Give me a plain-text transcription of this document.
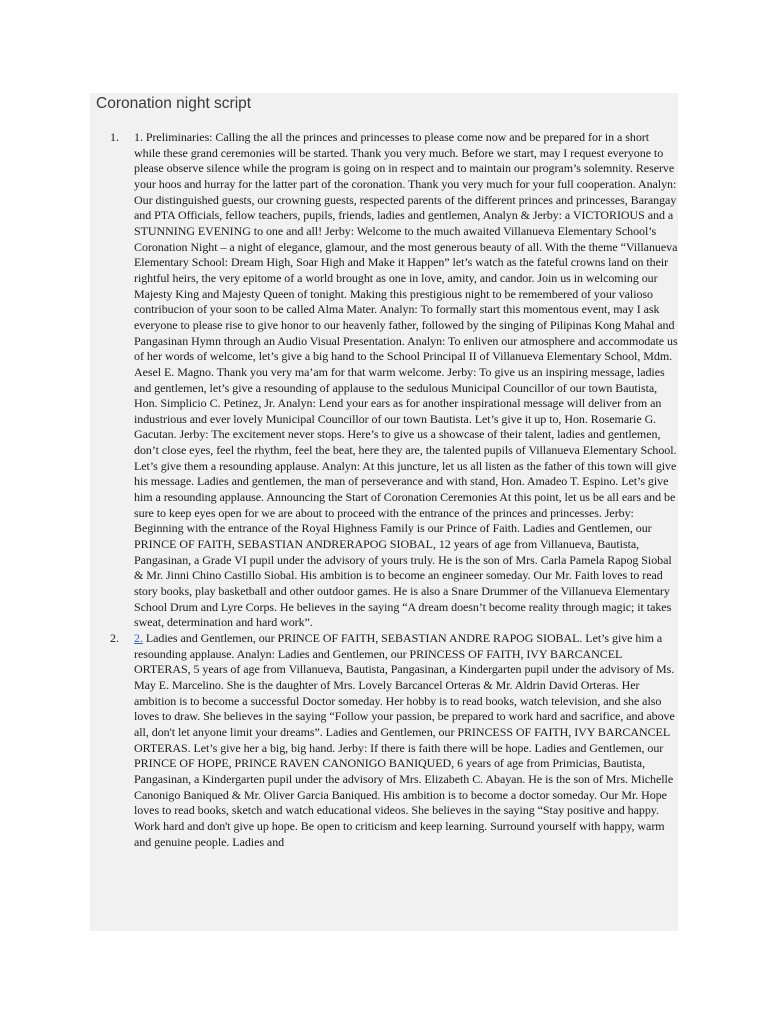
Coronation night script
1. 1. Preliminaries: Calling the all the princes and princesses to please come now and be prepared for in a short while these grand ceremonies will be started. Thank you very much. Before we start, may I request everyone to please observe silence while the program is going on in respect and to maintain our program’s solemnity. Reserve your hoos and hurray for the latter part of the coronation. Thank you very much for your full cooperation. Analyn: Our distinguished guests, our crowning guests, respected parents of the different princes and princesses, Barangay and PTA Officials, fellow teachers, pupils, friends, ladies and gentlemen, Analyn & Jerby: a VICTORIOUS and a STUNNING EVENING to one and all! Jerby: Welcome to the much awaited Villanueva Elementary School’s Coronation Night – a night of elegance, glamour, and the most generous beauty of all. With the theme “Villanueva Elementary School: Dream High, Soar High and Make it Happen” let’s watch as the fateful crowns land on their rightful heirs, the very epitome of a world brought as one in love, amity, and candor. Join us in welcoming our Majesty King and Majesty Queen of tonight. Making this prestigious night to be remembered of your valioso contribucion of your soon to be called Alma Mater. Analyn: To formally start this momentous event, may I ask everyone to please rise to give honor to our heavenly father, followed by the singing of Pilipinas Kong Mahal and Pangasinan Hymn through an Audio Visual Presentation. Analyn: To enliven our atmosphere and accommodate us of her words of welcome, let’s give a big hand to the School Principal II of Villanueva Elementary School, Mdm. Aesel E. Magno. Thank you very ma’am for that warm welcome. Jerby: To give us an inspiring message, ladies and gentlemen, let’s give a resounding of applause to the sedulous Municipal Councillor of our town Bautista, Hon. Simplicio C. Petinez, Jr. Analyn: Lend your ears as for another inspirational message will deliver from an industrious and ever lovely Municipal Councillor of our town Bautista. Let’s give it up to, Hon. Rosemarie G. Gacutan. Jerby: The excitement never stops. Here’s to give us a showcase of their talent, ladies and gentlemen, don’t close eyes, feel the rhythm, feel the beat, here they are, the talented pupils of Villanueva Elementary School. Let’s give them a resounding applause. Analyn: At this juncture, let us all listen as the father of this town will give his message. Ladies and gentlemen, the man of perseverance and with stand, Hon. Amadeo T. Espino. Let’s give him a resounding applause. Announcing the Start of Coronation Ceremonies At this point, let us be all ears and be sure to keep eyes open for we are about to proceed with the entrance of the princes and princesses. Jerby: Beginning with the entrance of the Royal Highness Family is our Prince of Faith. Ladies and Gentlemen, our PRINCE OF FAITH, SEBASTIAN ANDRERAPOG SIOBAL, 12 years of age from Villanueva, Bautista, Pangasinan, a Grade VI pupil under the advisory of yours truly. He is the son of Mrs. Carla Pamela Rapog Siobal & Mr. Jinni Chino Castillo Siobal. His ambition is to become an engineer someday. Our Mr. Faith loves to read story books, play basketball and other outdoor games. He is also a Snare Drummer of the Villanueva Elementary School Drum and Lyre Corps. He believes in the saying “A dream doesn’t become reality through magic; it takes sweat, determination and hard work”.

2. 2. Ladies and Gentlemen, our PRINCE OF FAITH, SEBASTIAN ANDRE RAPOG SIOBAL. Let’s give him a resounding applause. Analyn: Ladies and Gentlemen, our PRINCESS OF FAITH, IVY BARCANCEL ORTERAS, 5 years of age from Villanueva, Bautista, Pangasinan, a Kindergarten pupil under the advisory of Ms. May E. Marcelino. She is the daughter of Mrs. Lovely Barcancel Orteras & Mr. Aldrin David Orteras. Her ambition is to become a successful Doctor someday. Her hobby is to read books, watch television, and she also loves to draw. She believes in the saying “Follow your passion, be prepared to work hard and sacrifice, and above all, don't let anyone limit your dreams”. Ladies and Gentlemen, our PRINCESS OF FAITH, IVY BARCANCEL ORTERAS. Let’s give her a big, big hand. Jerby: If there is faith there will be hope. Ladies and Gentlemen, our PRINCE OF HOPE, PRINCE RAVEN CANONIGO BANIQUED, 6 years of age from Primicias, Bautista, Pangasinan, a Kindergarten pupil under the advisory of Mrs. Elizabeth C. Abayan. He is the son of Mrs. Michelle Canonigo Baniqued & Mr. Oliver Garcia Baniqued. His ambition is to become a doctor someday. Our Mr. Hope loves to read books, sketch and watch educational videos. She believes in the saying “Stay positive and happy. Work hard and don't give up hope. Be open to criticism and keep learning. Surround yourself with happy, warm and genuine people. Ladies and
